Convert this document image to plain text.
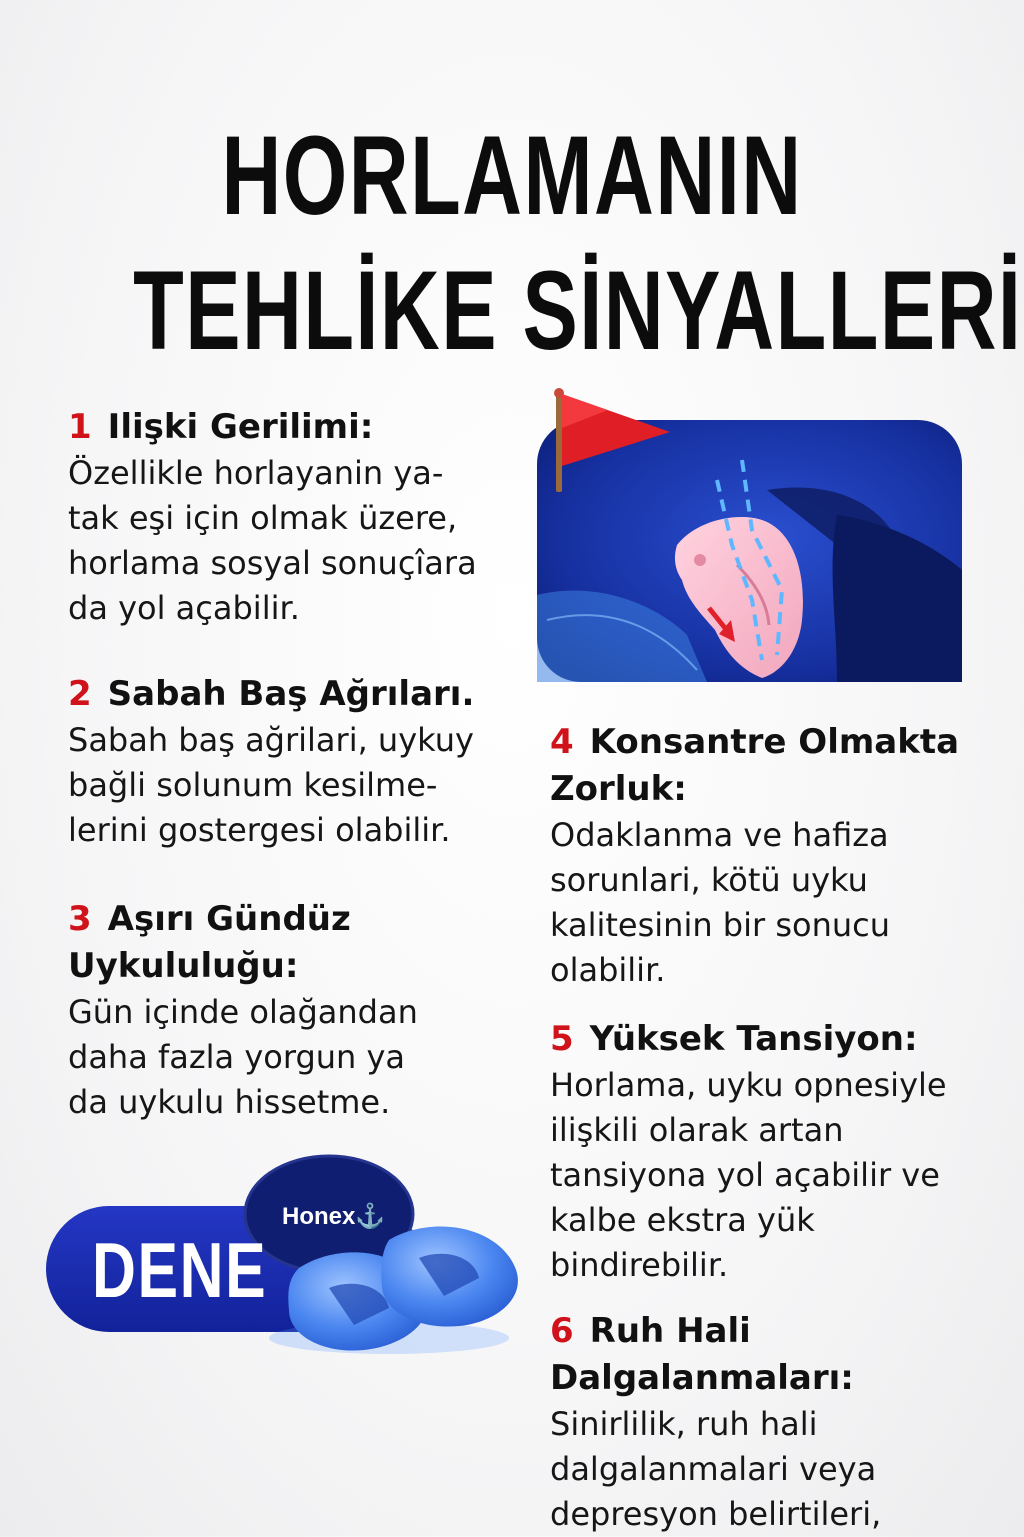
HORLAMANIN
TEHLİKE SİNYALLERİ
1 Ilişki Gerilimi:

Özellikle horlayanin ya-
tak eşi için olmak üzere,
horlama sosyal sonuçîara
da yol açabilir.

2 Sabah Baş Ağrıları.

Sabah baş ağrilari, uykuy
bağli solunum kesilme-
lerini gostergesi olabilir.

3 Aşırı Gündüz
Uykululuğu:

Gün içinde olağandan
daha fazla yorgun ya
da uykulu hissetme.

4 Konsantre Olmakta
Zorluk:

Odaklanma ve hafiza
sorunlari, kötü uyku
kalitesinin bir sonucu
olabilir.

5 Yüksek Tansiyon:

Horlama, uyku opnesiyle
ilişkili olarak artan
tansiyona yol açabilir ve
kalbe ekstra yük
bindirebilir.

6 Ruh Hali
Dalgalanmaları:

Sinirlilik, ruh hali
dalgalanmalari veya
depresyon belirtileri,

DENE
Honex⚓
